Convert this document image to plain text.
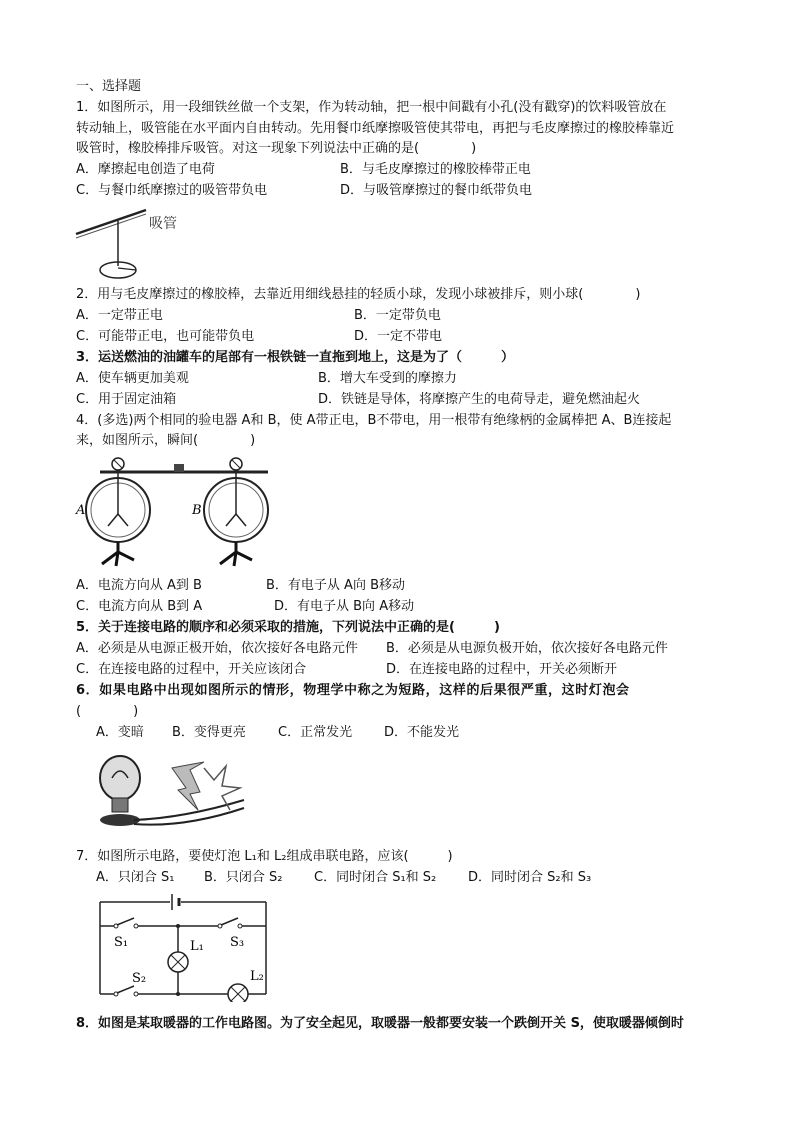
一、选择题
1．如图所示，用一段细铁丝做一个支架，作为转动轴，把一根中间戳有小孔(没有戳穿)的饮料吸管放在
转动轴上，吸管能在水平面内自由转动。先用餐巾纸摩擦吸管使其带电，再把与毛皮摩擦过的橡胶棒靠近
吸管时，橡胶棒排斥吸管。对这一现象下列说法中正确的是(　　　　)
A．摩擦起电创造了电荷	B．与毛皮摩擦过的橡胶棒带正电
C．与餐巾纸摩擦过的吸管带负电	D．与吸管摩擦过的餐巾纸带负电
吸管
2．用与毛皮摩擦过的橡胶棒，去靠近用细线悬挂的轻质小球，发现小球被排斥，则小球(　　　　)
A．一定带正电	B．一定带负电
C．可能带正电，也可能带负电	D．一定不带电
3．运送燃油的油罐车的尾部有一根铁链一直拖到地上，这是为了（　　　）
A．使车辆更加美观	B．增大车受到的摩擦力
C．用于固定油箱	D．铁链是导体，将摩擦产生的电荷导走，避免燃油起火
4．(多选)两个相同的验电器 A和 B，使 A带正电，B不带电，用一根带有绝缘柄的金属棒把 A、B连接起
来，如图所示，瞬间(　　　　)
A	B
A．电流方向从 A到 B	B．有电子从 A向 B移动
C．电流方向从 B到 A	D．有电子从 B向 A移动
5．关于连接电路的顺序和必须采取的措施，下列说法中正确的是(　　　)
A．必须是从电源正极开始，依次接好各电路元件 B．必须是从电源负极开始，依次接好各电路元件
C．在连接电路的过程中，开关应该闭合	D．在连接电路的过程中，开关必须断开
6．如果电路中出现如图所示的情形，物理学中称之为短路，这样的后果很严重，这时灯泡会
(　　　　)
A．变暗 B．变得更亮 C．正常发光 D．不能发光
7．如图所示电路，要使灯泡 L₁和 L₂组成串联电路，应该(　　　)
A．只闭合 S₁ B．只闭合 S₂ C．同时闭合 S₁和 S₂ D．同时闭合 S₂和 S₃
S₁	S₃
L₁
S₂	L₂
8．如图是某取暖器的工作电路图。为了安全起见，取暖器一般都要安装一个跌倒开关 S，使取暖器倾倒时
